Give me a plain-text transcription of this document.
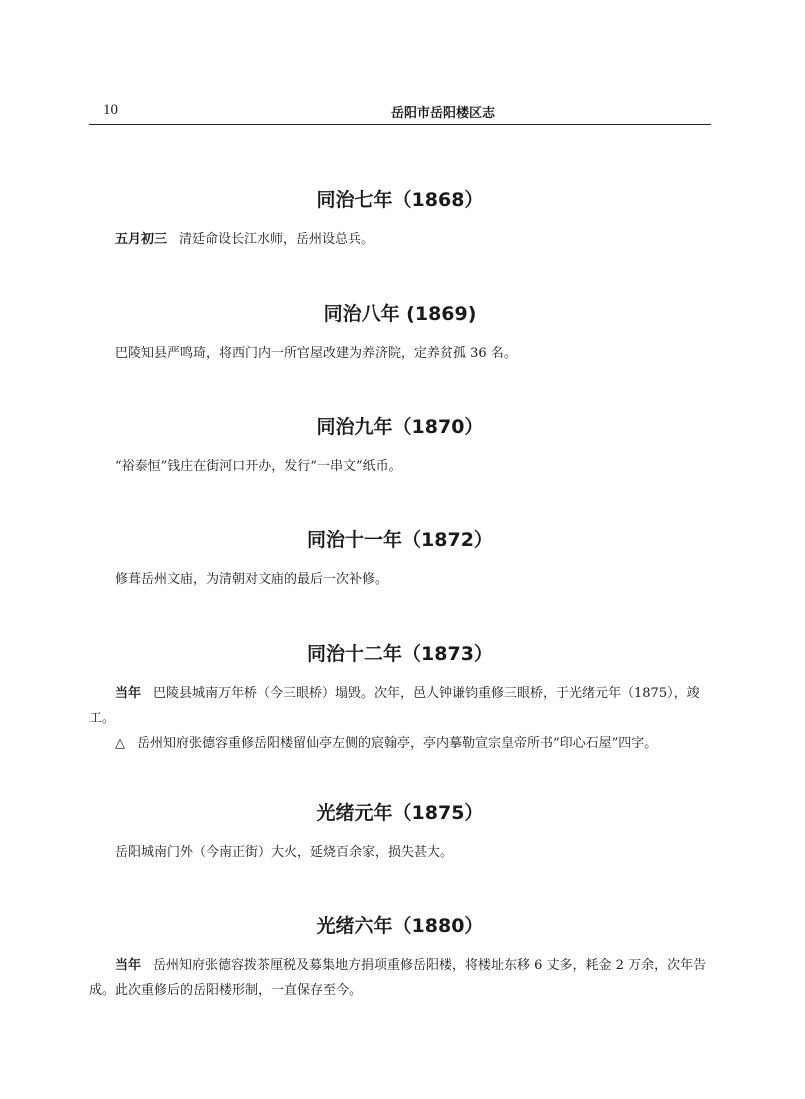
10	岳阳市岳阳楼区志
同治七年（1868）

五月初三 清廷命设长江水师，岳州设总兵。

同治八年 (1869)

巴陵知县严鸣琦，将西门内一所官屋改建为养济院，定养贫孤 36 名。

同治九年（1870）

“裕泰恒”钱庄在街河口开办，发行“一串文”纸币。

同治十一年（1872）

修葺岳州文庙，为清朝对文庙的最后一次补修。

同治十二年（1873）

当年 巴陵县城南万年桥（今三眼桥）塌毁。次年，邑人钟谦钧重修三眼桥，于光绪元年（1875），竣工。

△ 岳州知府张德容重修岳阳楼留仙亭左侧的宸翰亭，亭内摹勒宣宗皇帝所书“印心石屋”四字。

光绪元年（1875）

岳阳城南门外（今南正街）大火，延烧百余家，损失甚大。

光绪六年（1880）

当年 岳州知府张德容拨茶厘税及募集地方捐项重修岳阳楼，将楼址东移 6 丈多，耗金 2 万余，次年告成。此次重修后的岳阳楼形制，一直保存至今。
